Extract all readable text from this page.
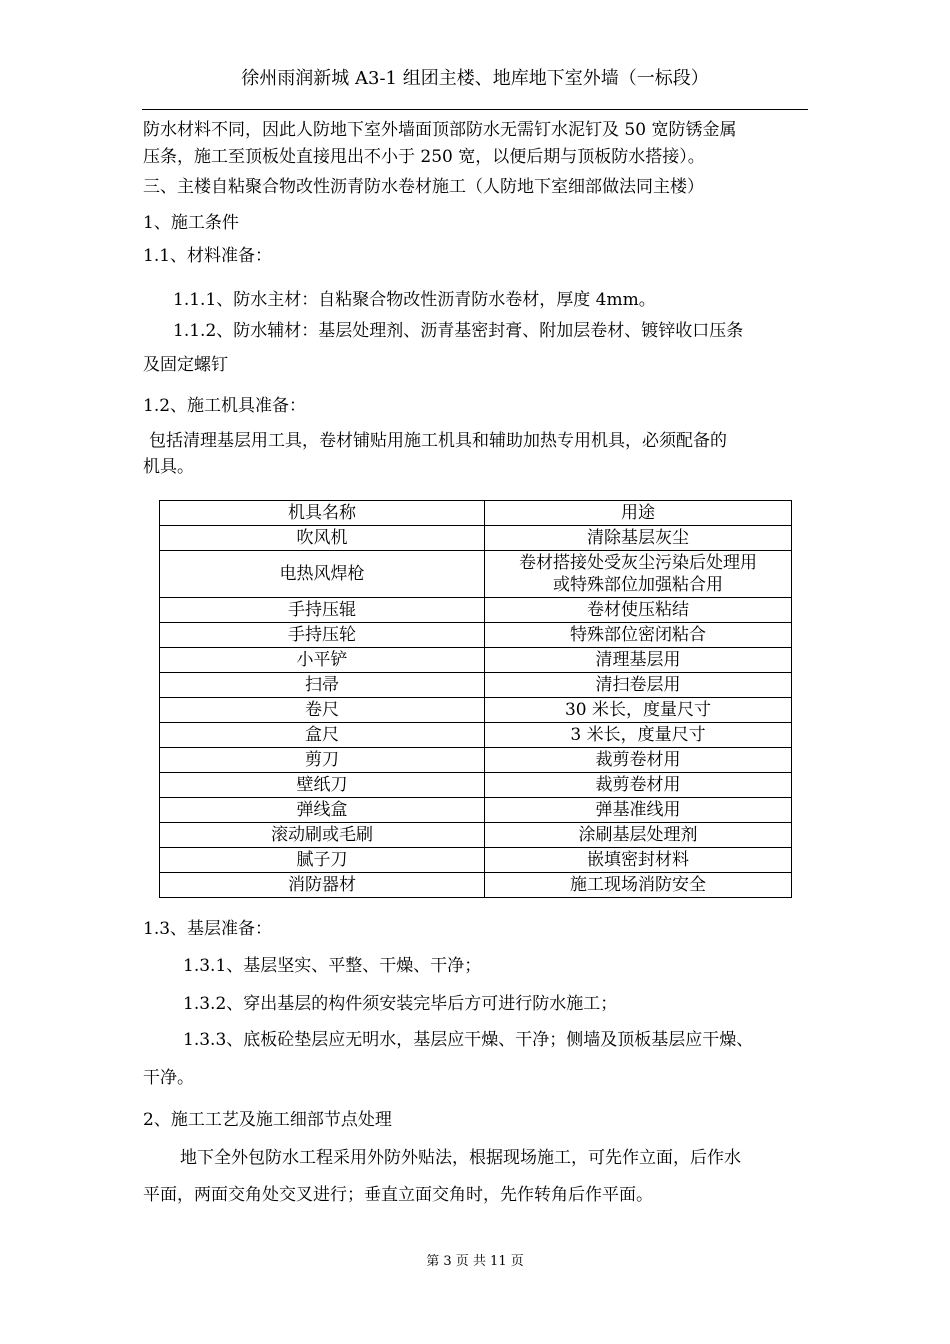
徐州雨润新城 A3-1 组团主楼、地库地下室外墙（一标段）
防水材料不同，因此人防地下室外墙面顶部防水无需钉水泥钉及 50 宽防锈金属
压条，施工至顶板处直接甩出不小于 250 宽，以便后期与顶板防水搭接）。
三、主楼自粘聚合物改性沥青防水卷材施工（人防地下室细部做法同主楼）
1、施工条件
1.1、材料准备：
1.1.1、防水主材：自粘聚合物改性沥青防水卷材，厚度 4mm。
1.1.2、防水辅材：基层处理剂、沥青基密封膏、附加层卷材、镀锌收口压条
及固定螺钉
1.2、施工机具准备：
包括清理基层用工具，卷材铺贴用施工机具和辅助加热专用机具，必须配备的
机具。
机具名称	用途
吹风机	清除基层灰尘
电热风焊枪	卷材搭接处受灰尘污染后处理用
或特殊部位加强粘合用

手持压辊	卷材使压粘结
手持压轮	特殊部位密闭粘合
小平铲	清理基层用
扫帚	清扫卷层用
卷尺	30 米长，度量尺寸
盒尺	3 米长，度量尺寸
剪刀	裁剪卷材用
壁纸刀	裁剪卷材用
弹线盒	弹基准线用
滚动刷或毛刷	涂刷基层处理剂
腻子刀	嵌填密封材料
消防器材	施工现场消防安全
1.3、基层准备：
1.3.1、基层坚实、平整、干燥、干净；
1.3.2、穿出基层的构件须安装完毕后方可进行防水施工；
1.3.3、底板砼垫层应无明水，基层应干燥、干净；侧墙及顶板基层应干燥、
干净。
2、施工工艺及施工细部节点处理
地下全外包防水工程采用外防外贴法，根据现场施工，可先作立面，后作水
平面，两面交角处交叉进行；垂直立面交角时，先作转角后作平面。
第 3 页 共 11 页
